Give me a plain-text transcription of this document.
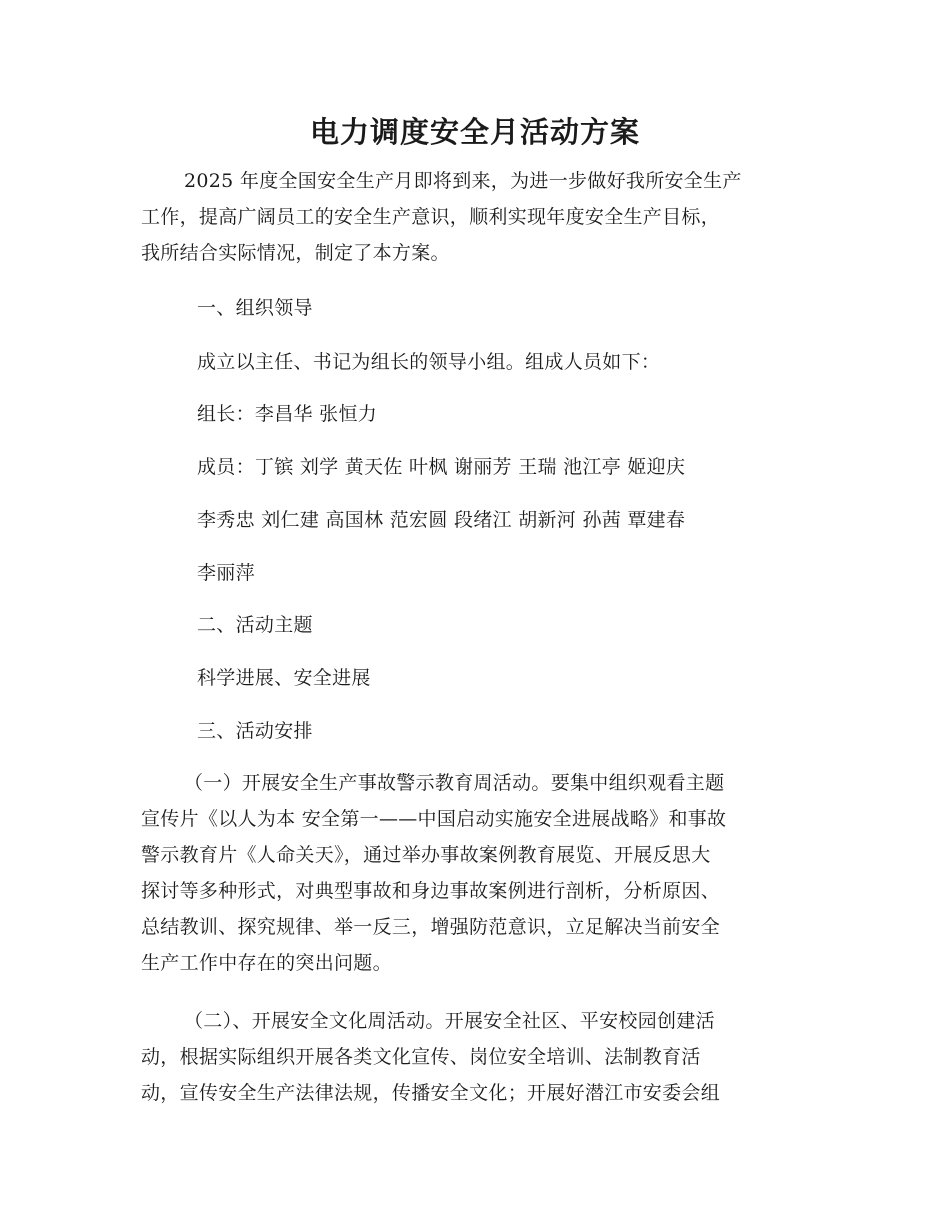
电力调度安全月活动方案
2025 年度全国安全生产月即将到来，为进一步做好我所安全生产
工作，提高广阔员工的安全生产意识，顺利实现年度安全生产目标，
我所结合实际情况，制定了本方案。
一、组织领导
成立以主任、书记为组长的领导小组。组成人员如下：
组长：李昌华 张恒力
成员：丁镔 刘学 黄天佐 叶枫 谢丽芳 王瑞 池江亭 姬迎庆
李秀忠 刘仁建 高国林 范宏圆 段绪江 胡新河 孙茜 覃建春
李丽萍
二、活动主题
科学进展、安全进展
三、活动安排
（一）开展安全生产事故警示教育周活动。要集中组织观看主题
宣传片《以人为本 安全第一——中国启动实施安全进展战略》和事故
警示教育片《人命关天》，通过举办事故案例教育展览、开展反思大
探讨等多种形式，对典型事故和身边事故案例进行剖析，分析原因、
总结教训、探究规律、举一反三，增强防范意识，立足解决当前安全
生产工作中存在的突出问题。
（二）、开展安全文化周活动。开展安全社区、平安校园创建活
动，根据实际组织开展各类文化宣传、岗位安全培训、法制教育活
动，宣传安全生产法律法规，传播安全文化；开展好潜江市安委会组
